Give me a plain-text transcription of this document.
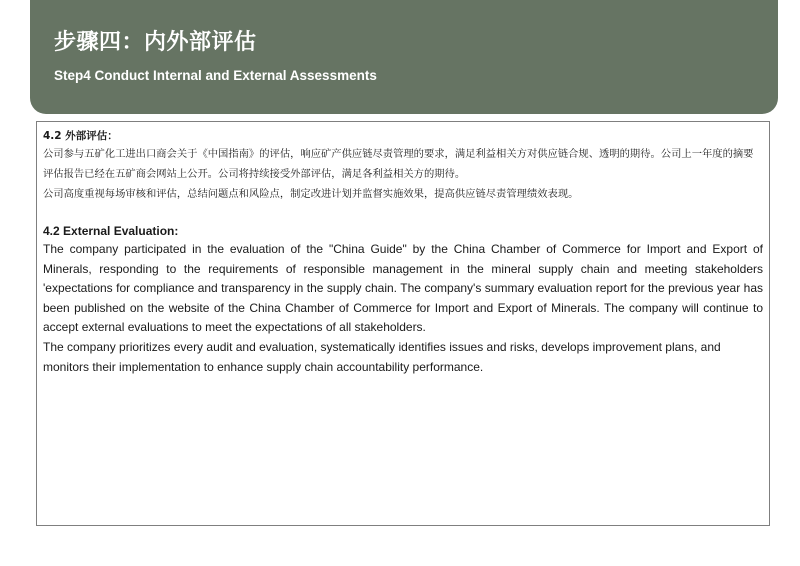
步骤四：内外部评估
Step4 Conduct Internal and External Assessments

4.2 外部评估：

公司参与五矿化工进出口商会关于《中国指南》的评估，响应矿产供应链尽责管理的要求，满足利益相关方对供应链合规、透明的期待。公司上一年度的摘要评估报告已经在五矿商会网站上公开。公司将持续接受外部评估，满足各利益相关方的期待。

公司高度重视每场审核和评估，总结问题点和风险点，制定改进计划并监督实施效果，提高供应链尽责管理绩效表现。

4.2 External Evaluation:

The company participated in the evaluation of the "China Guide" by the China Chamber of Commerce for Import and Export of Minerals, responding to the requirements of responsible management in the mineral supply chain and meeting stakeholders 'expectations for compliance and transparency in the supply chain. The company's summary evaluation report for the previous year has been published on the website of the China Chamber of Commerce for Import and Export of Minerals. The company will continue to accept external evaluations to meet the expectations of all stakeholders.

The company prioritizes every audit and evaluation, systematically identifies issues and risks, develops improvement plans, and monitors their implementation to enhance supply chain accountability performance.
